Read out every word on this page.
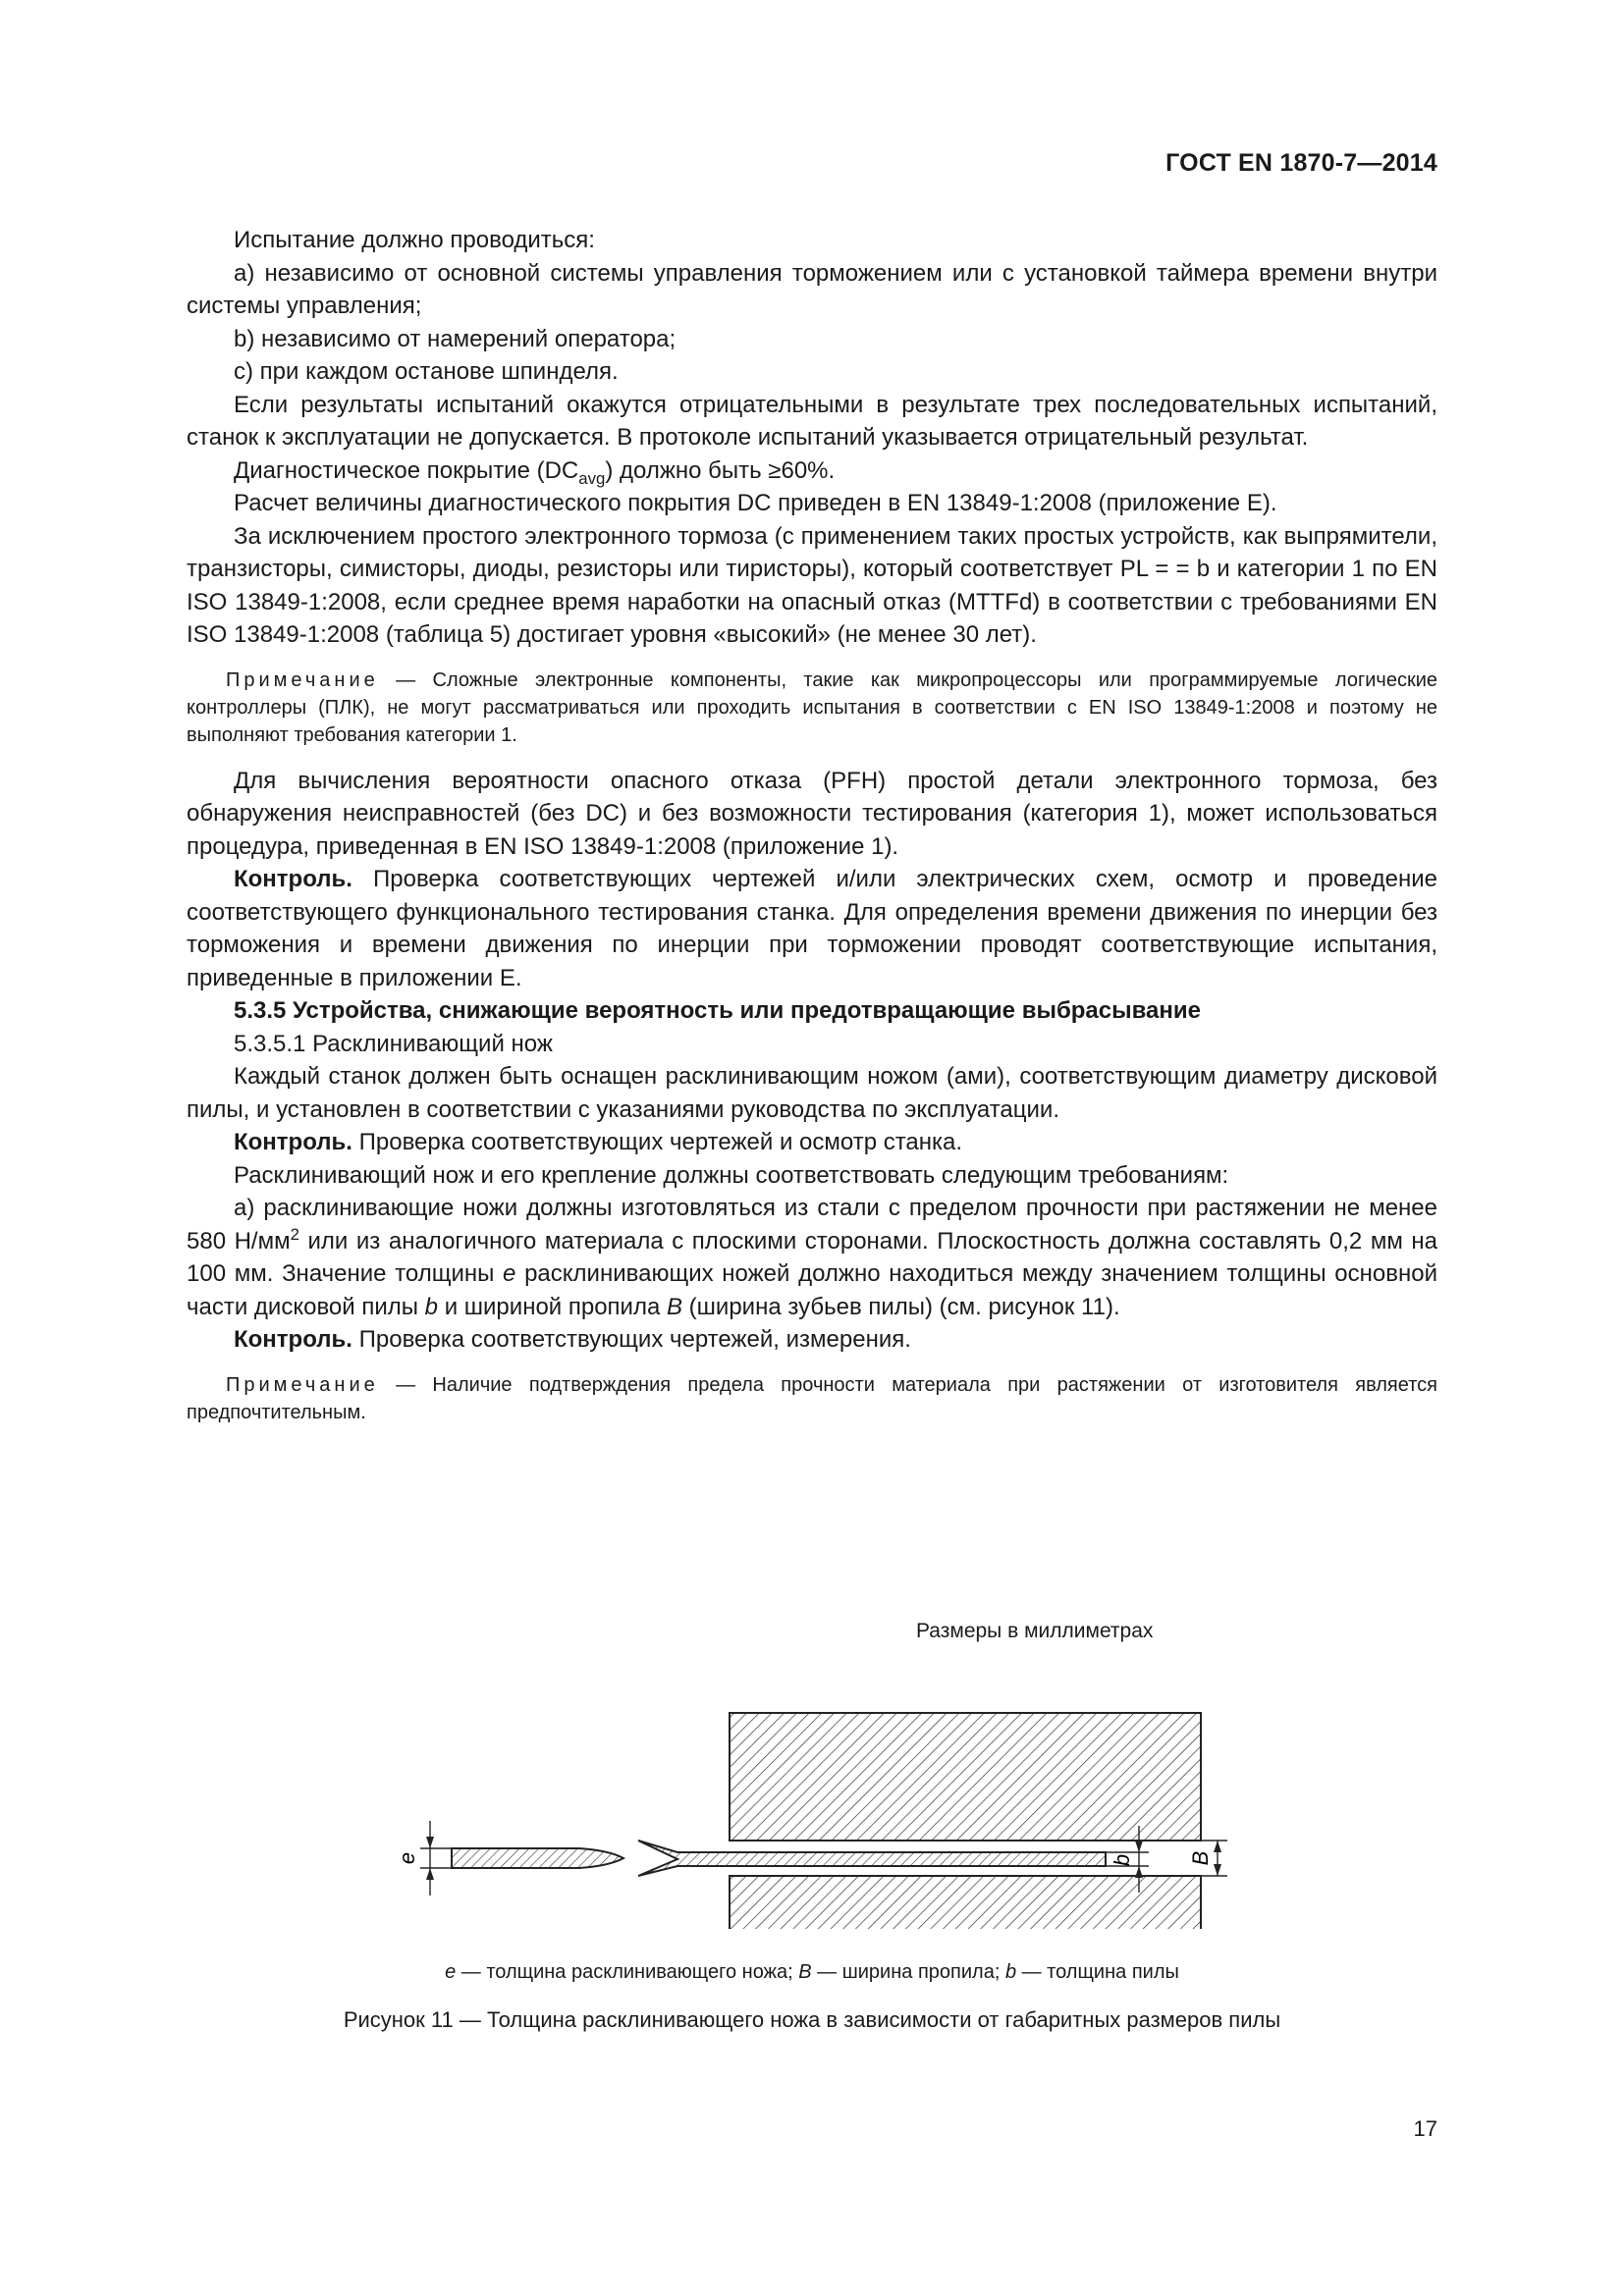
ГОСТ EN 1870-7—2014

Испытание должно проводиться:

a) независимо от основной системы управления торможением или с установкой таймера времени внутри системы управления;

b) независимо от намерений оператора;

c) при каждом останове шпинделя.

Если результаты испытаний окажутся отрицательными в результате трех последовательных испытаний, станок к эксплуатации не допускается. В протоколе испытаний указывается отрицательный результат.

Диагностическое покрытие $(DC_{avg})$ должно быть ≥60%.

Расчет величины диагностического покрытия DC приведен в EN 13849-1:2008 (приложение E).

За исключением простого электронного тормоза (с применением таких простых устройств, как выпрямители, транзисторы, симисторы, диоды, резисторы или тиристоры), который соответствует PL = = b и категории 1 по EN ISO 13849-1:2008, если среднее время наработки на опасный отказ (MTTFd) в соответствии с требованиями EN ISO 13849-1:2008 (таблица 5) достигает уровня «высокий» (не менее 30 лет).

Примечание — Сложные электронные компоненты, такие как микропроцессоры или программируемые логические контроллеры (ПЛК), не могут рассматриваться или проходить испытания в соответствии с EN ISO 13849-1:2008 и поэтому не выполняют требования категории 1.

Для вычисления вероятности опасного отказа (PFH) простой детали электронного тормоза, без обнаружения неисправностей (без DC) и без возможности тестирования (категория 1), может использоваться процедура, приведенная в EN ISO 13849-1:2008 (приложение 1).

Контроль. Проверка соответствующих чертежей и/или электрических схем, осмотр и проведение соответствующего функционального тестирования станка. Для определения времени движения по инерции без торможения и времени движения по инерции при торможении проводят соответствующие испытания, приведенные в приложении E.

5.3.5 Устройства, снижающие вероятность или предотвращающие выбрасывание

5.3.5.1 Расклинивающий нож

Каждый станок должен быть оснащен расклинивающим ножом (ами), соответствующим диаметру дисковой пилы, и установлен в соответствии с указаниями руководства по эксплуатации.

Контроль. Проверка соответствующих чертежей и осмотр станка.

Расклинивающий нож и его крепление должны соответствовать следующим требованиям:

a) расклинивающие ножи должны изготовляться из стали с пределом прочности при растяжении не менее 580 $Н/мм^2$ или из аналогичного материала с плоскими сторонами. Плоскостность должна составлять 0,2 мм на 100 мм. Значение толщины e расклинивающих ножей должно находиться между значением толщины основной части дисковой пилы b и шириной пропила B (ширина зубьев пилы) (см. рисунок 11).

Контроль. Проверка соответствующих чертежей, измерения.

Примечание — Наличие подтверждения предела прочности материала при растяжении от изготовителя является предпочтительным.

Размеры в миллиметрах
e	b	B
e — толщина расклинивающего ножа; B — ширина пропила; b — толщина пилы
Рисунок 11 — Толщина расклинивающего ножа в зависимости от габаритных размеров пилы
17
